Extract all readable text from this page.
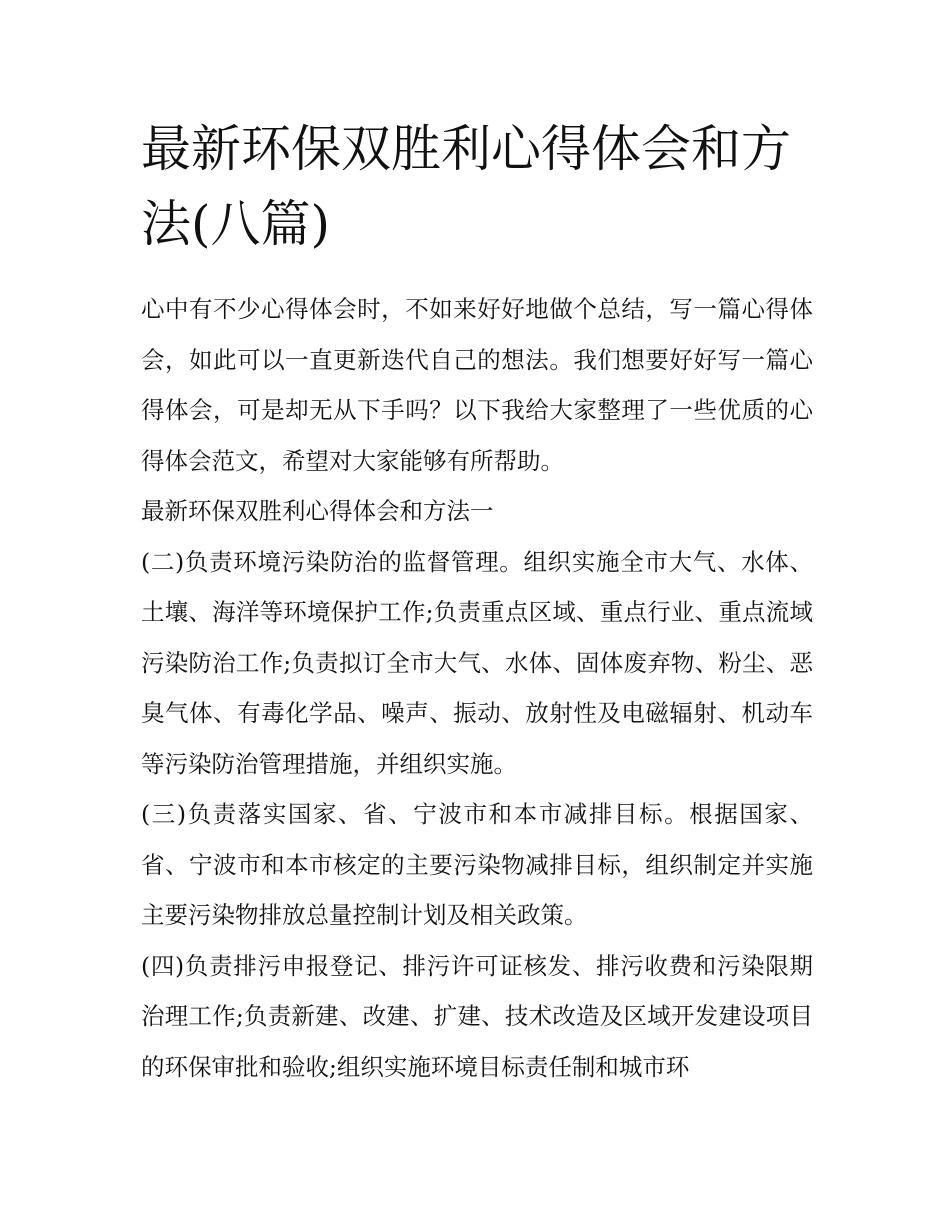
最新环保双胜利心得体会和方法(八篇)

心中有不少心得体会时，不如来好好地做个总结，写一篇心得体会，如此可以一直更新迭代自己的想法。我们想要好好写一篇心得体会，可是却无从下手吗？以下我给大家整理了一些优质的心得体会范文，希望对大家能够有所帮助。

最新环保双胜利心得体会和方法一

(二)负责环境污染防治的监督管理。组织实施全市大气、水体、土壤、海洋等环境保护工作;负责重点区域、重点行业、重点流域污染防治工作;负责拟订全市大气、水体、固体废弃物、粉尘、恶臭气体、有毒化学品、噪声、振动、放射性及电磁辐射、机动车等污染防治管理措施，并组织实施。

(三)负责落实国家、省、宁波市和本市减排目标。根据国家、省、宁波市和本市核定的主要污染物减排目标，组织制定并实施主要污染物排放总量控制计划及相关政策。

(四)负责排污申报登记、排污许可证核发、排污收费和污染限期治理工作;负责新建、改建、扩建、技术改造及区域开发建设项目的环保审批和验收;组织实施环境目标责任制和城市环
